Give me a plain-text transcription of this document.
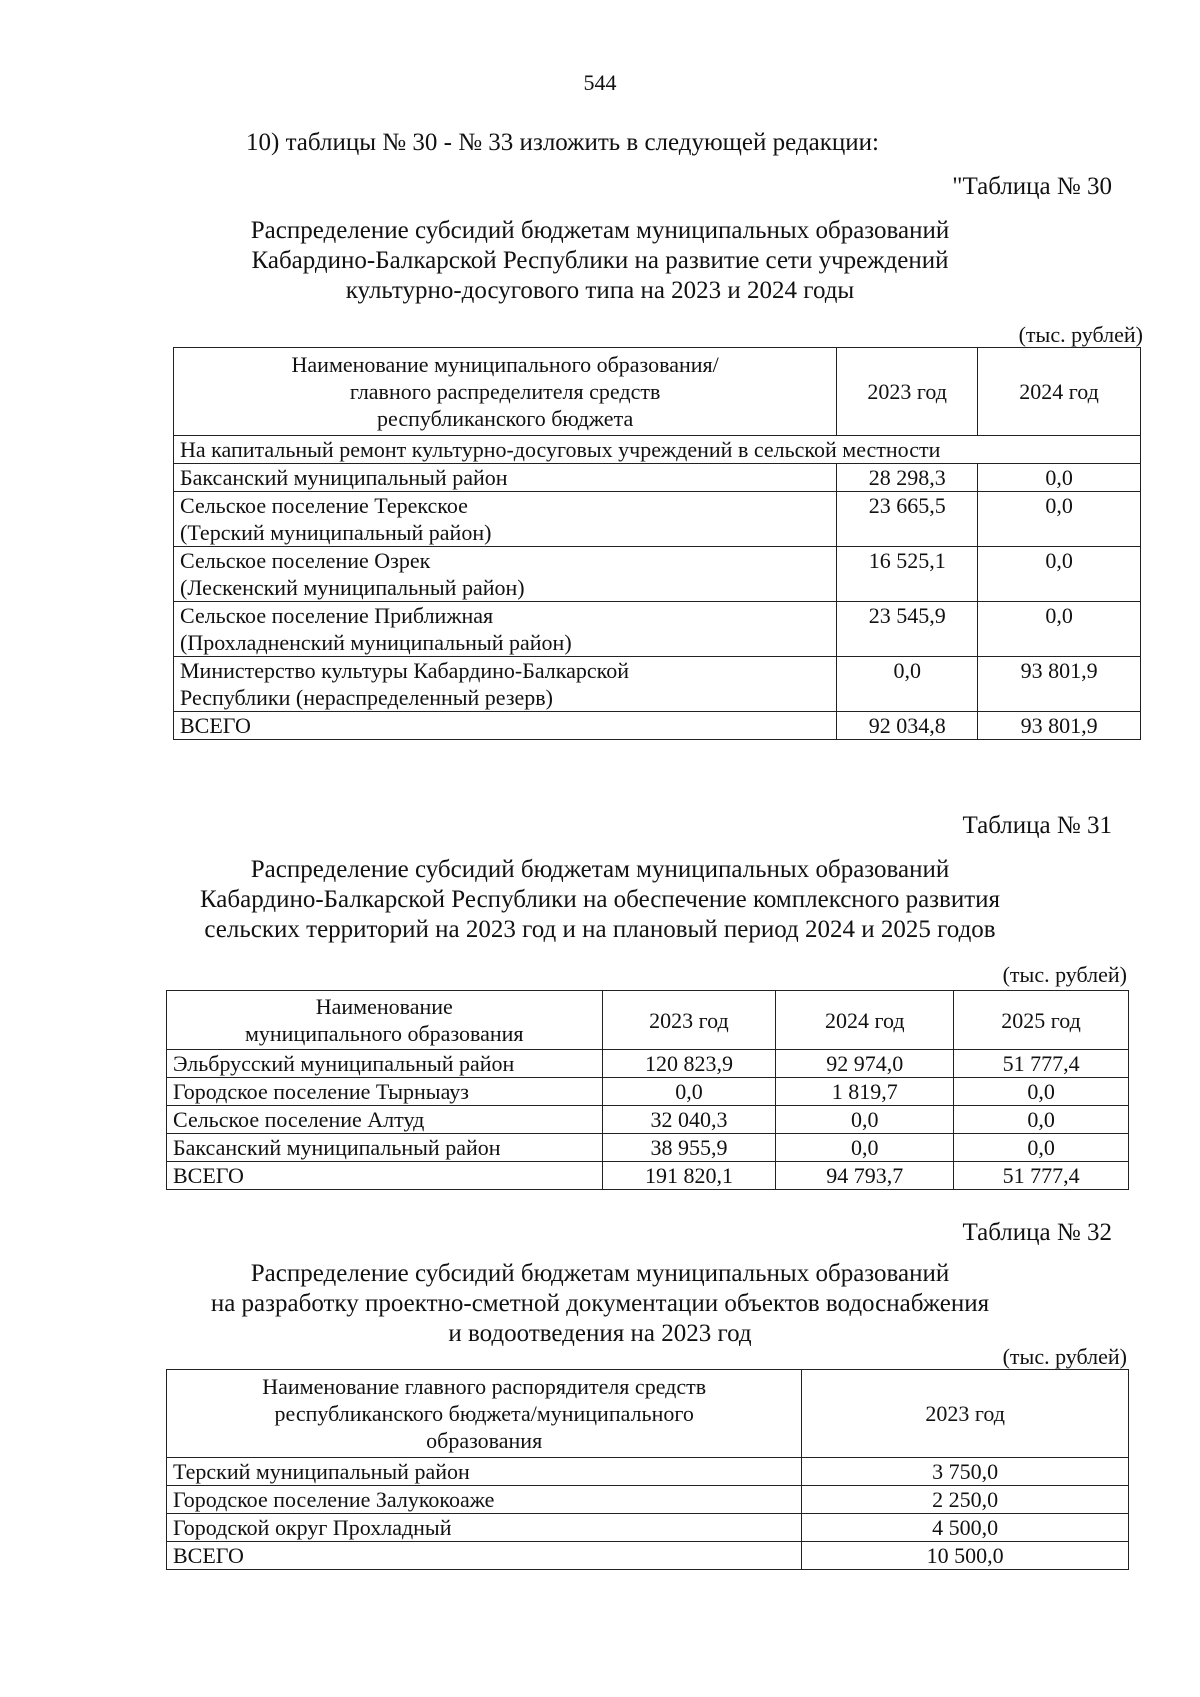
544
10) таблицы № 30 - № 33 изложить в следующей редакции:
"Таблица № 30
Распределение субсидий бюджетам муниципальных образований
Кабардино-Балкарской Республики на развитие сети учреждений
культурно-досугового типа на 2023 и 2024 годы
(тыс. рублей)
Наименование муниципального образования/
главного распределителя средств
республиканского бюджета	2023 год	2024 год
На капитальный ремонт культурно-досуговых учреждений в сельской местности		

Баксанский муниципальный район	28 298,3	0,0

Сельское поселение Терекское
(Терский муниципальный район)	23 665,5	0,0

Сельское поселение Озрек
(Лескенский муниципальный район)	16 525,1	0,0

Сельское поселение Приближная
(Прохладненский муниципальный район)	23 545,9	0,0

Министерство культуры Кабардино-Балкарской
Республики (нераспределенный резерв)	0,0	93 801,9

ВСЕГО	92 034,8	93 801,9
Таблица № 31
Распределение субсидий бюджетам муниципальных образований
Кабардино-Балкарской Республики на обеспечение комплексного развития
сельских территорий на 2023 год и на плановый период 2024 и 2025 годов
(тыс. рублей)
Наименование
муниципального образования	2023 год	2024 год	2025 год
Эльбрусский муниципальный район	120 823,9	92 974,0	51 777,4
Городское поселение Тырныауз	0,0	1 819,7	0,0
Сельское поселение Алтуд	32 040,3	0,0	0,0
Баксанский муниципальный район	38 955,9	0,0	0,0
ВСЕГО	191 820,1	94 793,7	51 777,4
Таблица № 32
Распределение субсидий бюджетам муниципальных образований
на разработку проектно-сметной документации объектов водоснабжения
и водоотведения на 2023 год
(тыс. рублей)
Наименование главного распорядителя средств
республиканского бюджета/муниципального
образования	2023 год
Терский муниципальный район	3 750,0
Городское поселение Залукокоаже	2 250,0
Городской округ Прохладный	4 500,0
ВСЕГО	10 500,0
